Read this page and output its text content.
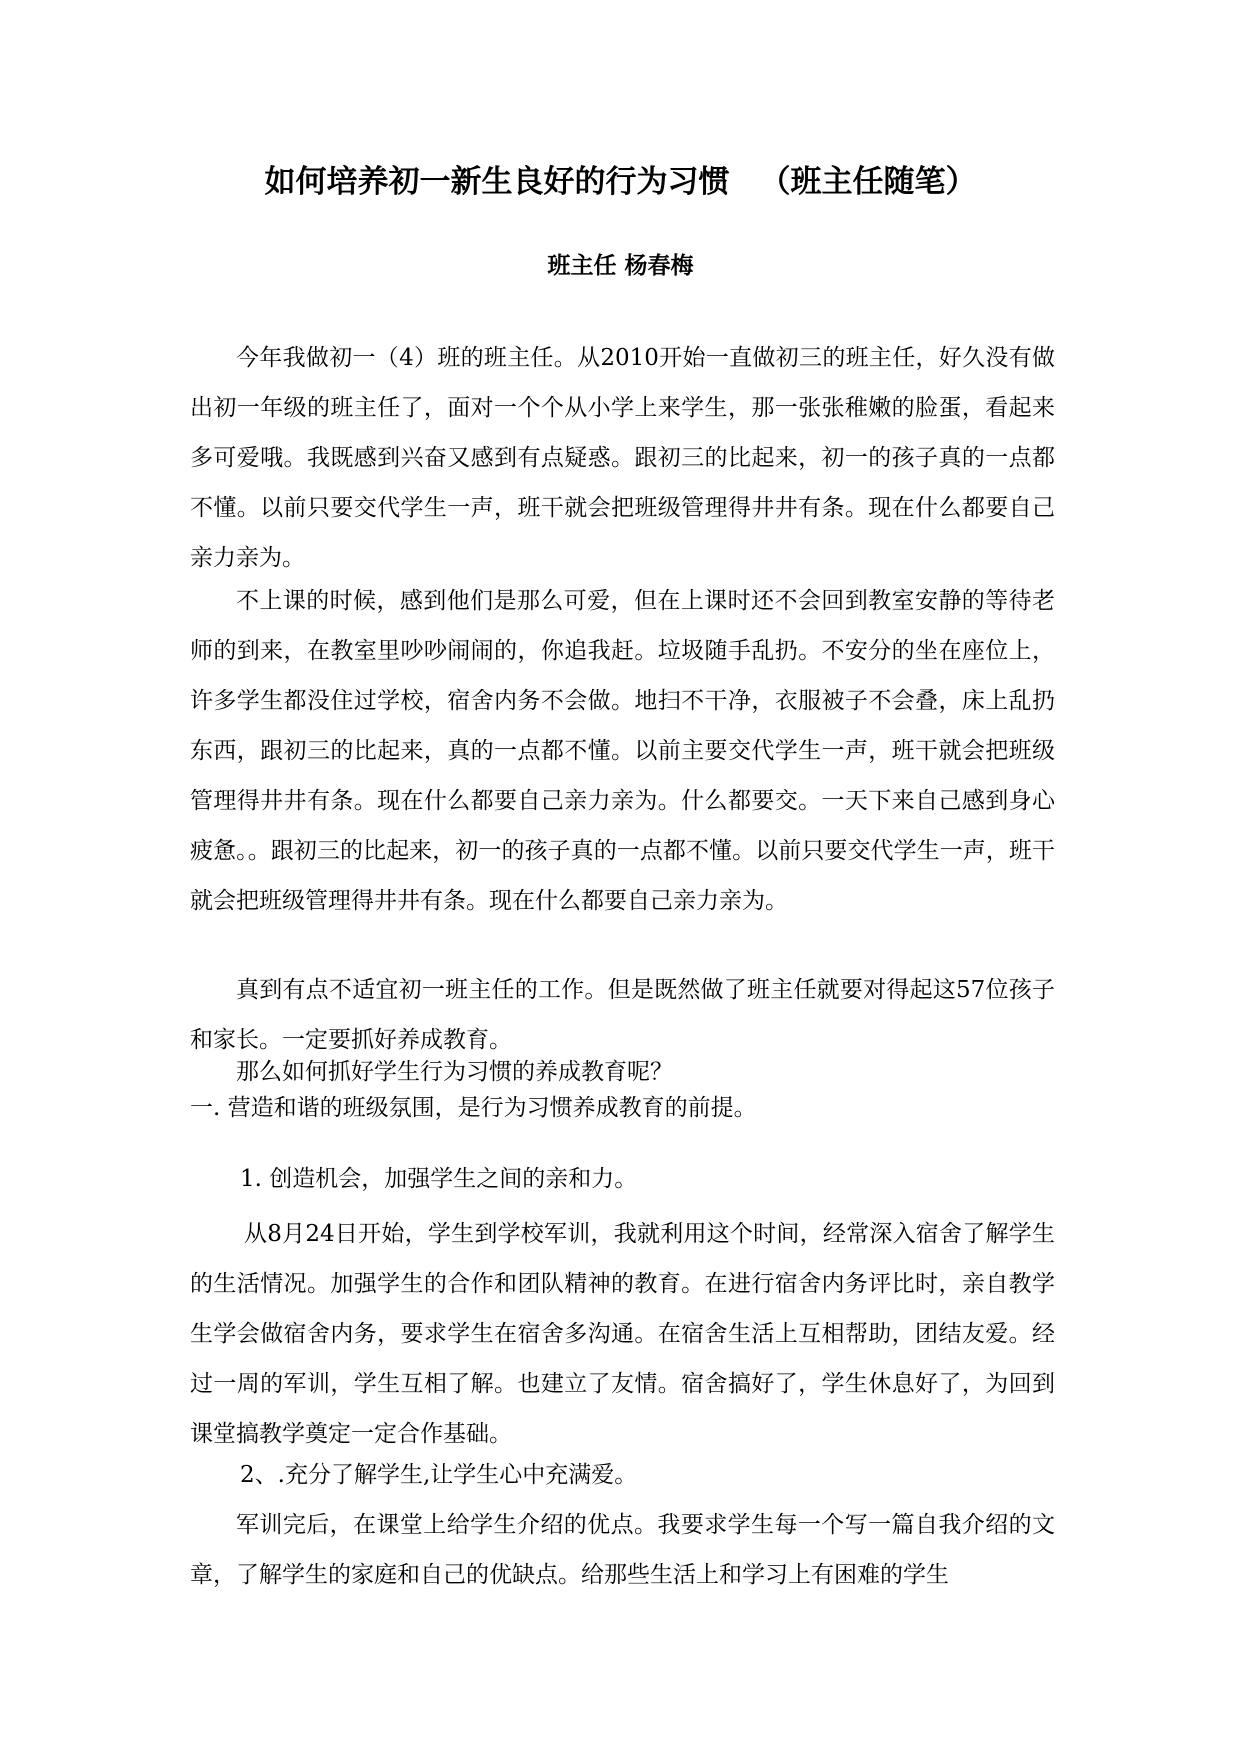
如何培养初一新生良好的行为习惯 （班主任随笔）
班主任 杨春梅

今年我做初一（4）班的班主任。从2010开始一直做初三的班主任，好久没有做出初一年级的班主任了，面对一个个从小学上来学生，那一张张稚嫩的脸蛋，看起来多可爱哦。我既感到兴奋又感到有点疑惑。跟初三的比起来，初一的孩子真的一点都不懂。以前只要交代学生一声，班干就会把班级管理得井井有条。现在什么都要自己亲力亲为。

不上课的时候，感到他们是那么可爱，但在上课时还不会回到教室安静的等待老师的到来，在教室里吵吵闹闹的，你追我赶。垃圾随手乱扔。不安分的坐在座位上，许多学生都没住过学校，宿舍内务不会做。地扫不干净，衣服被子不会叠，床上乱扔东西，跟初三的比起来，真的一点都不懂。以前主要交代学生一声，班干就会把班级管理得井井有条。现在什么都要自己亲力亲为。什么都要交。一天下来自己感到身心疲惫。。跟初三的比起来，初一的孩子真的一点都不懂。以前只要交代学生一声，班干就会把班级管理得井井有条。现在什么都要自己亲力亲为。

真到有点不适宜初一班主任的工作。但是既然做了班主任就要对得起这57位孩子和家长。一定要抓好养成教育。

那么如何抓好学生行为习惯的养成教育呢？

一. 营造和谐的班级氛围，是行为习惯养成教育的前提。

1. 创造机会，加强学生之间的亲和力。

从8月24日开始，学生到学校军训，我就利用这个时间，经常深入宿舍了解学生的生活情况。加强学生的合作和团队精神的教育。在进行宿舍内务评比时，亲自教学生学会做宿舍内务，要求学生在宿舍多沟通。在宿舍生活上互相帮助，团结友爱。经过一周的军训，学生互相了解。也建立了友情。宿舍搞好了，学生休息好了，为回到课堂搞教学奠定一定合作基础。

2、.充分了解学生,让学生心中充满爱。

军训完后，在课堂上给学生介绍的优点。我要求学生每一个写一篇自我介绍的文章，了解学生的家庭和自己的优缺点。给那些生活上和学习上有困难的学生
